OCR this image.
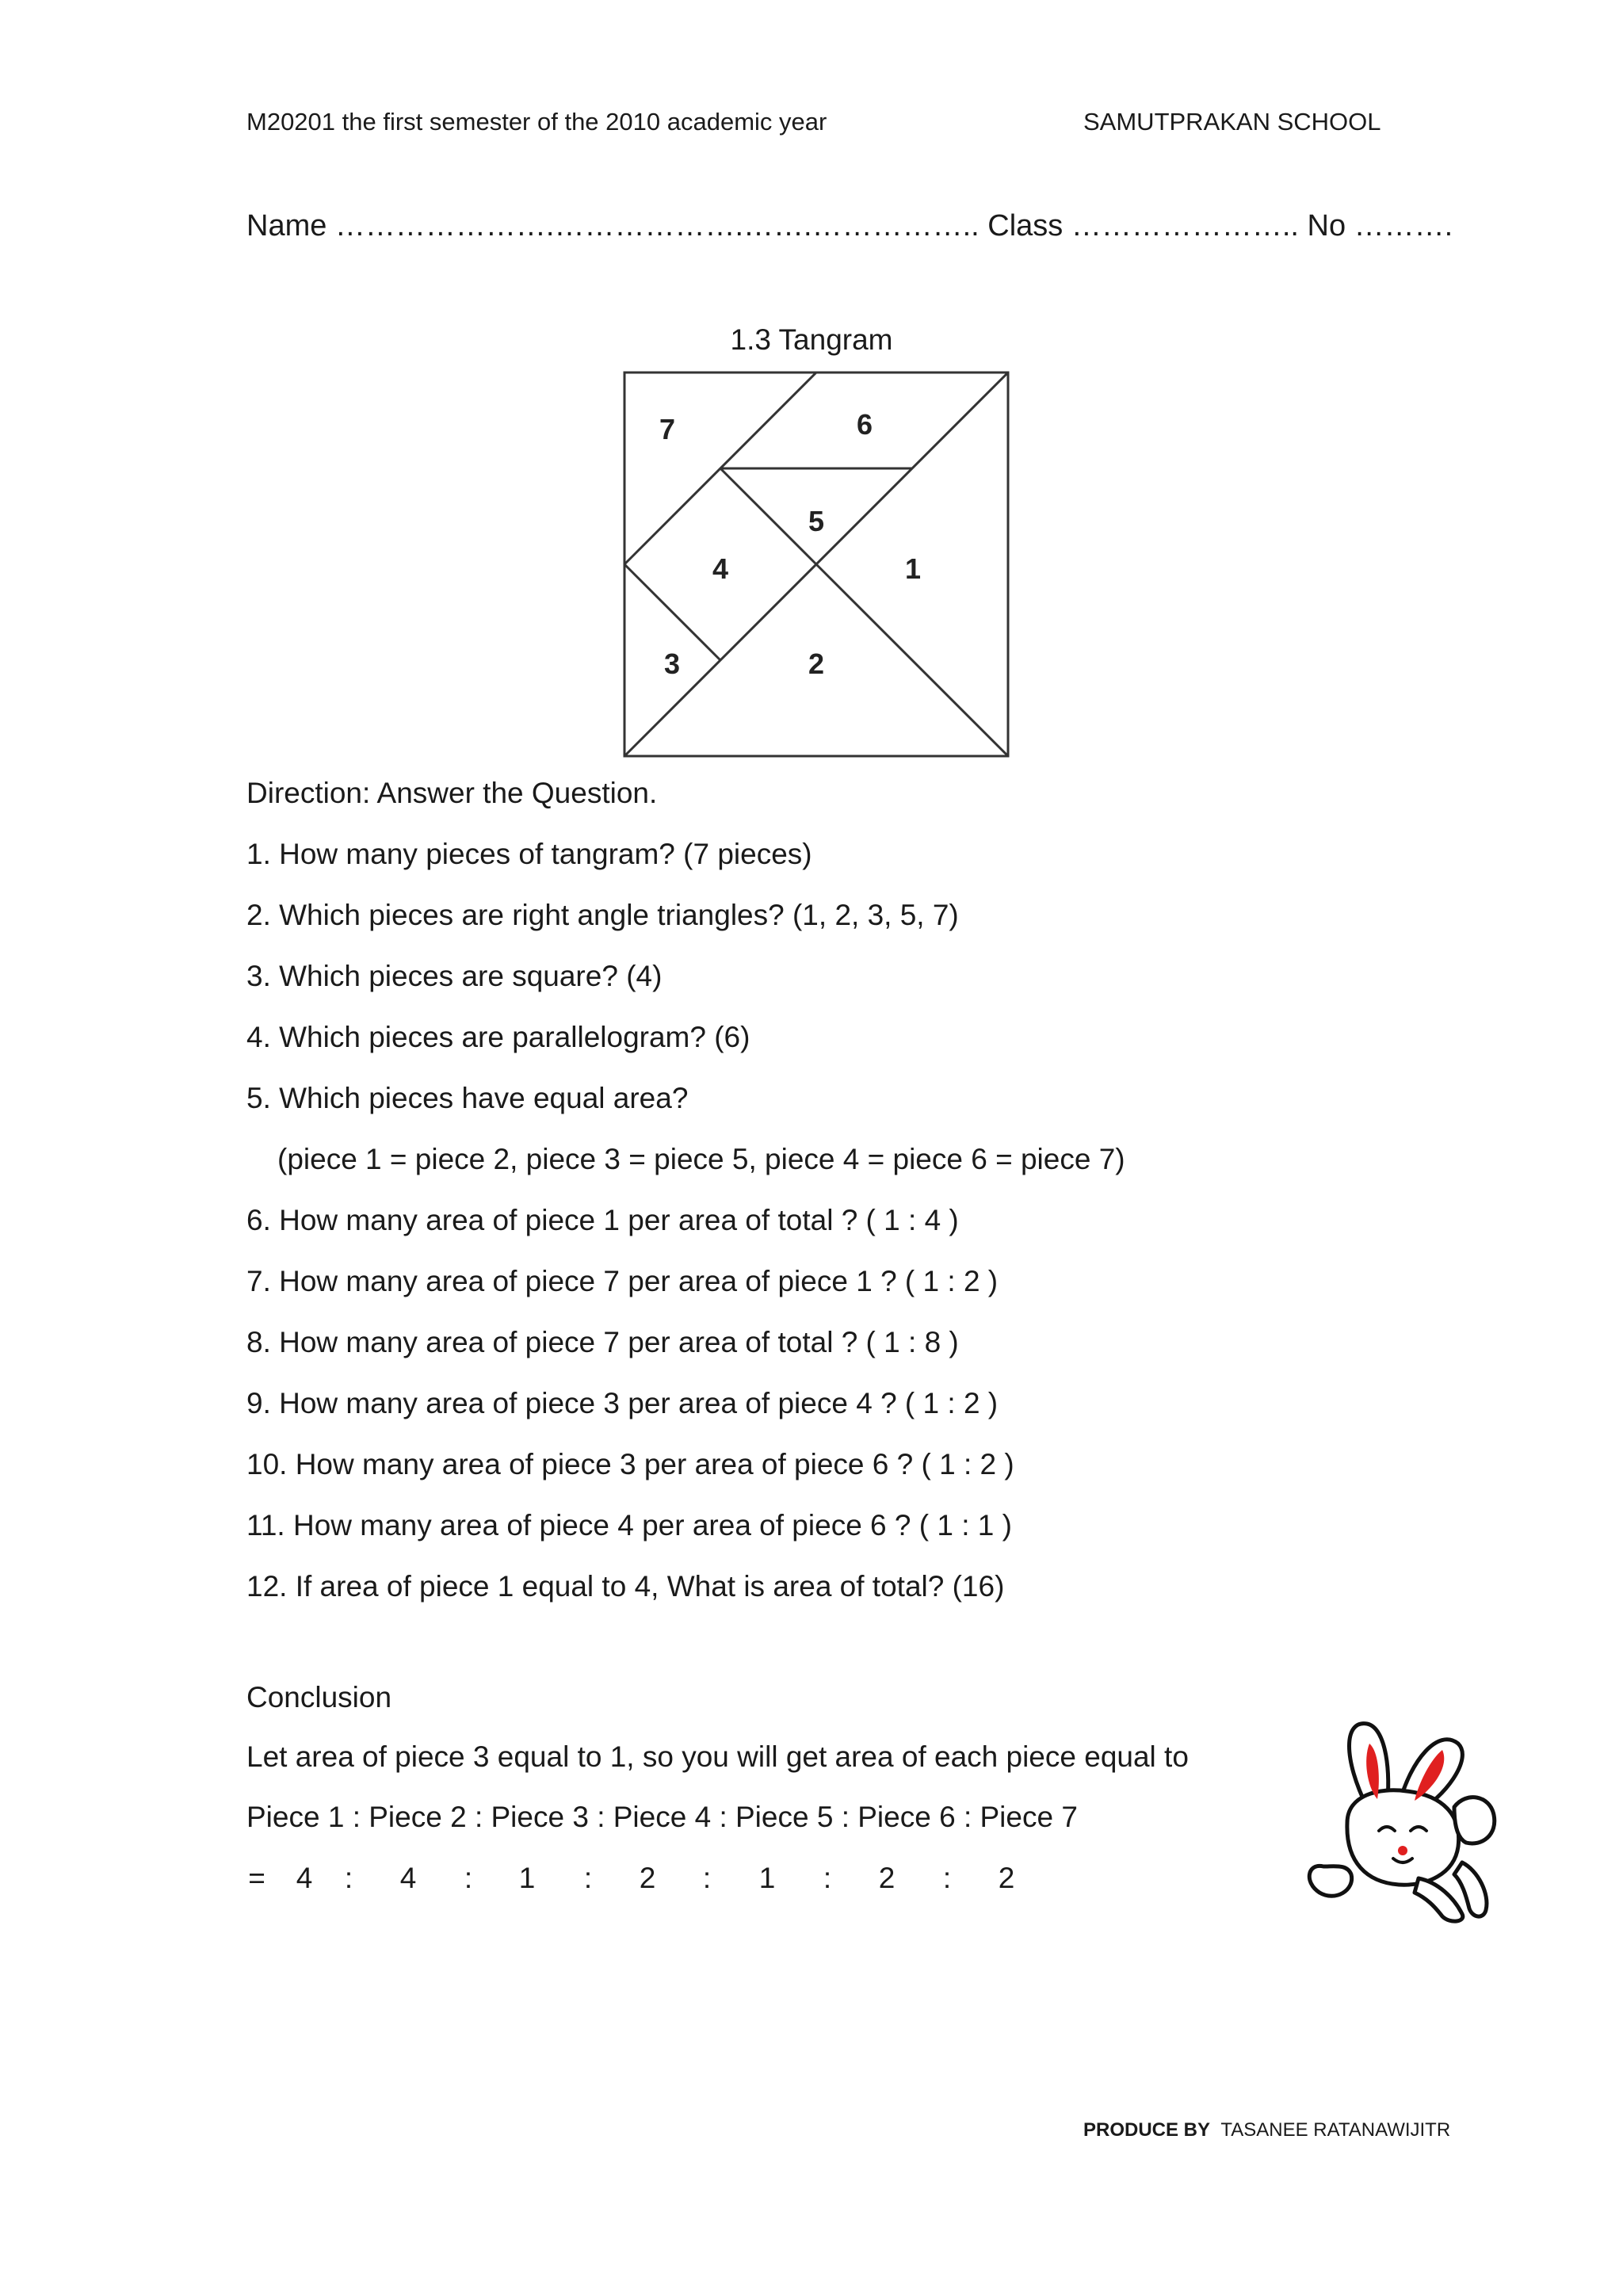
M20201 the first semester of the 2010 academic year	SAMUTPRAKAN SCHOOL
Name ………………….……………….…….…………….. Class ………………….. No ……….
1.3 Tangram
1
2
3
4
5
6
7
Direction: Answer the Question.
1. How many pieces of tangram? (7 pieces)
2. Which pieces are right angle triangles? (1, 2, 3, 5, 7)
3. Which pieces are square? (4)
4. Which pieces are parallelogram? (6)
5. Which pieces have equal area?
(piece 1 = piece 2, piece 3 = piece 5, piece 4 = piece 6 = piece 7)
6. How many area of piece 1 per area of total ? ( 1 : 4 )
7. How many area of piece 7 per area of piece 1 ? ( 1 : 2 )
8. How many area of piece 7 per area of total ? ( 1 : 8 )
9. How many area of piece 3 per area of piece 4 ? ( 1 : 2 )
10. How many area of piece 3 per area of piece 6 ? ( 1 : 2 )
11. How many area of piece 4 per area of piece 6 ? ( 1 : 1 )
12. If area of piece 1 equal to 4, What is area of total? (16)
Conclusion
Let area of piece 3 equal to 1, so you will get area of each piece equal to
Piece 1 : Piece 2 : Piece 3 : Piece 4 : Piece 5 : Piece 6 : Piece 7
= 4	:	4	:	1	:	2	:	1	:	2	:	2
PRODUCE BY TASANEE RATANAWIJITR
